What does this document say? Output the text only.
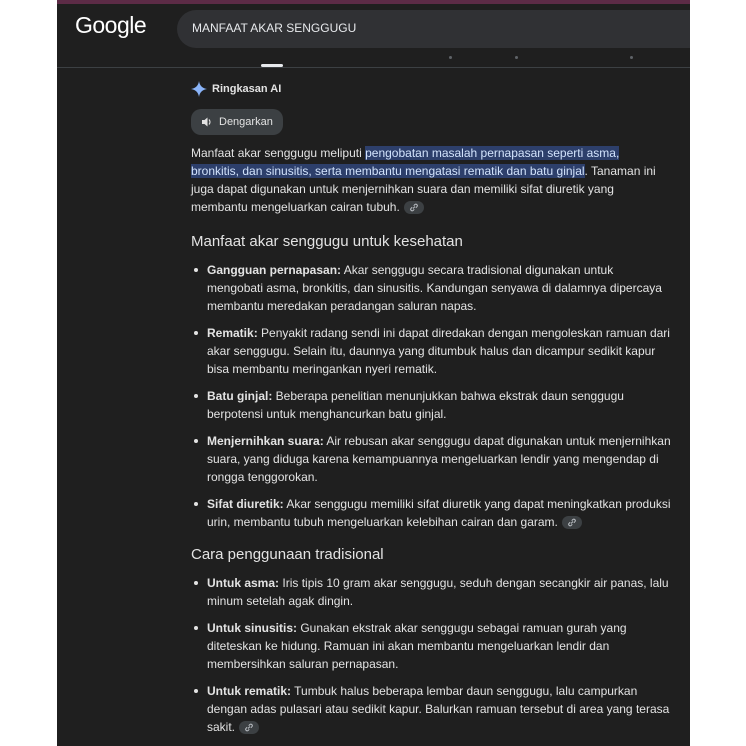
Google	MANFAAT AKAR SENGGUGU
Ringkasan AI
Dengarkan

Manfaat akar senggugu meliputi pengobatan masalah pernapasan seperti asma, bronkitis, dan sinusitis, serta membantu mengatasi rematik dan batu ginjal. Tanaman ini juga dapat digunakan untuk menjernihkan suara dan memiliki sifat diuretik yang membantu mengeluarkan cairan tubuh.

Manfaat akar senggugu untuk kesehatan
Gangguan pernapasan: Akar senggugu secara tradisional digunakan untuk mengobati asma, bronkitis, dan sinusitis. Kandungan senyawa di dalamnya dipercaya membantu meredakan peradangan saluran napas.
Rematik: Penyakit radang sendi ini dapat diredakan dengan mengoleskan ramuan dari akar senggugu. Selain itu, daunnya yang ditumbuk halus dan dicampur sedikit kapur bisa membantu meringankan nyeri rematik.
Batu ginjal: Beberapa penelitian menunjukkan bahwa ekstrak daun senggugu berpotensi untuk menghancurkan batu ginjal.
Menjernihkan suara: Air rebusan akar senggugu dapat digunakan untuk menjernihkan suara, yang diduga karena kemampuannya mengeluarkan lendir yang mengendap di rongga tenggorokan.
Sifat diuretik: Akar senggugu memiliki sifat diuretik yang dapat meningkatkan produksi urin, membantu tubuh mengeluarkan kelebihan cairan dan garam.
Cara penggunaan tradisional
Untuk asma: Iris tipis 10 gram akar senggugu, seduh dengan secangkir air panas, lalu minum setelah agak dingin.
Untuk sinusitis: Gunakan ekstrak akar senggugu sebagai ramuan gurah yang diteteskan ke hidung. Ramuan ini akan membantu mengeluarkan lendir dan membersihkan saluran pernapasan.
Untuk rematik: Tumbuk halus beberapa lembar daun senggugu, lalu campurkan dengan adas pulasari atau sedikit kapur. Balurkan ramuan tersebut di area yang terasa sakit.
